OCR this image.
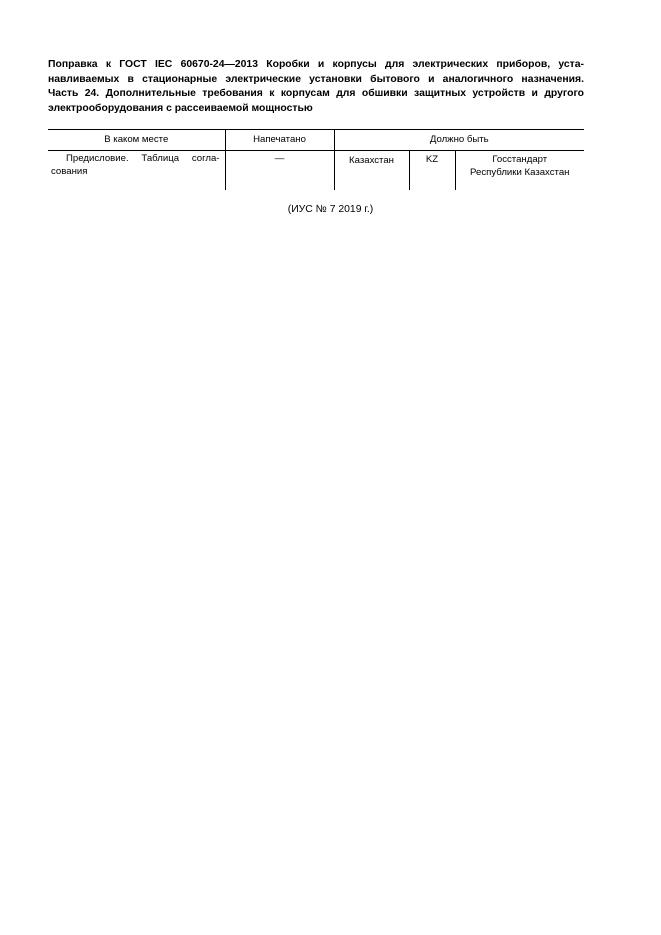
Поправка к ГОСТ IEC 60670-24—2013 Коробки и корпусы для электрических приборов, уста-
навливаемых в стационарные электрические установки бытового и аналогичного назначения.
Часть 24. Дополнительные требования к корпусам для обшивки защитных устройств и другого
электрооборудования с рассеиваемой мощностью
В каком месте	Напечатано	Должно быть		
Предисловие. Таблица согла-сования	—	Казахстан	KZ	Госстандарт Республики Казахстан
(ИУС № 7 2019 г.)
